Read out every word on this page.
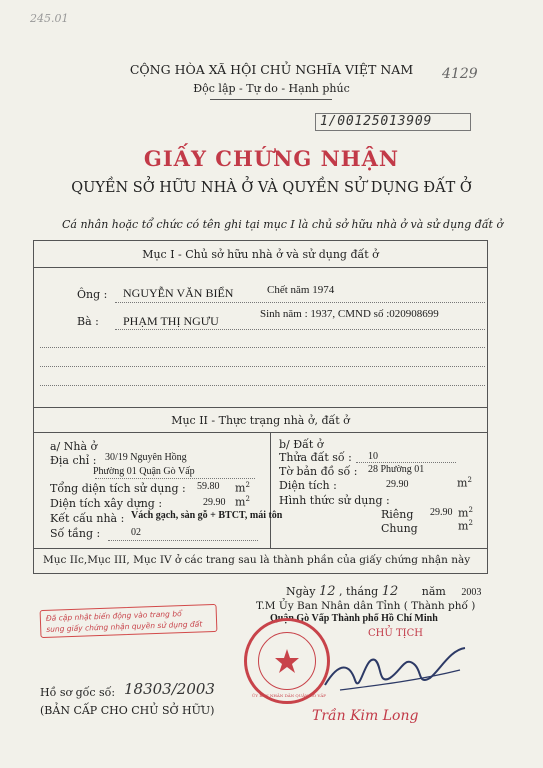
245.01
4129
CỘNG HÒA XÃ HỘI CHỦ NGHĨA VIỆT NAM
Độc lập - Tự do - Hạnh phúc
1/00125013909
GIẤY CHỨNG NHẬN
QUYỀN SỞ HỮU NHÀ Ở VÀ QUYỀN SỬ DỤNG ĐẤT Ở
Cá nhân hoặc tổ chức có tên ghi tại mục I là chủ sở hữu nhà ở và sử dụng đất ở
Mục I - Chủ sở hữu nhà ở và sử dụng đất ở
Ông : NGUYỄN VĂN BIỂN	Chết năm 1974
Bà : PHẠM THỊ NGƯU	Sinh năm : 1937, CMND số :020908699
Mục II - Thực trạng nhà ở, đất ở
a/ Nhà ở
Địa chỉ : 30/19 Nguyên Hồng
Phường 01 Quận Gò Vấp
Tổng diện tích sử dụng : 59.80 $m^2$
Diện tích xây dựng :	29.90 $m^2$
Kết cấu nhà : Vách gạch, sàn gỗ + BTCT, mái tôn
Số tầng :	02
b/ Đất ở
Thửa đất số : 10
Tờ bản đồ số : 28 Phường 01
Diện tích :	29.90	$m^2$
Hình thức sử dụng :
Riêng 29.90 $m^2$
Chung	$m^2$
Mục IIc,Mục III, Mục IV ở các trang sau là thành phần của giấy chứng nhận này
Ngày 12 , tháng 12 năm 2003
T.M Ủy Ban Nhân dân Tỉnh ( Thành phố )
Quận Gò Vấp Thành phố Hồ Chí Minh
CHỦ TỊCH
Đã cập nhật biến động vào trang bổ
sung giấy chứng nhận quyền sử dụng đất
ỦY BAN NHÂN DÂN QUẬN GÒ VẤP
Trần Kim Long
Hồ sơ gốc số: 18303/2003
(BẢN CẤP CHO CHỦ SỞ HỮU)
